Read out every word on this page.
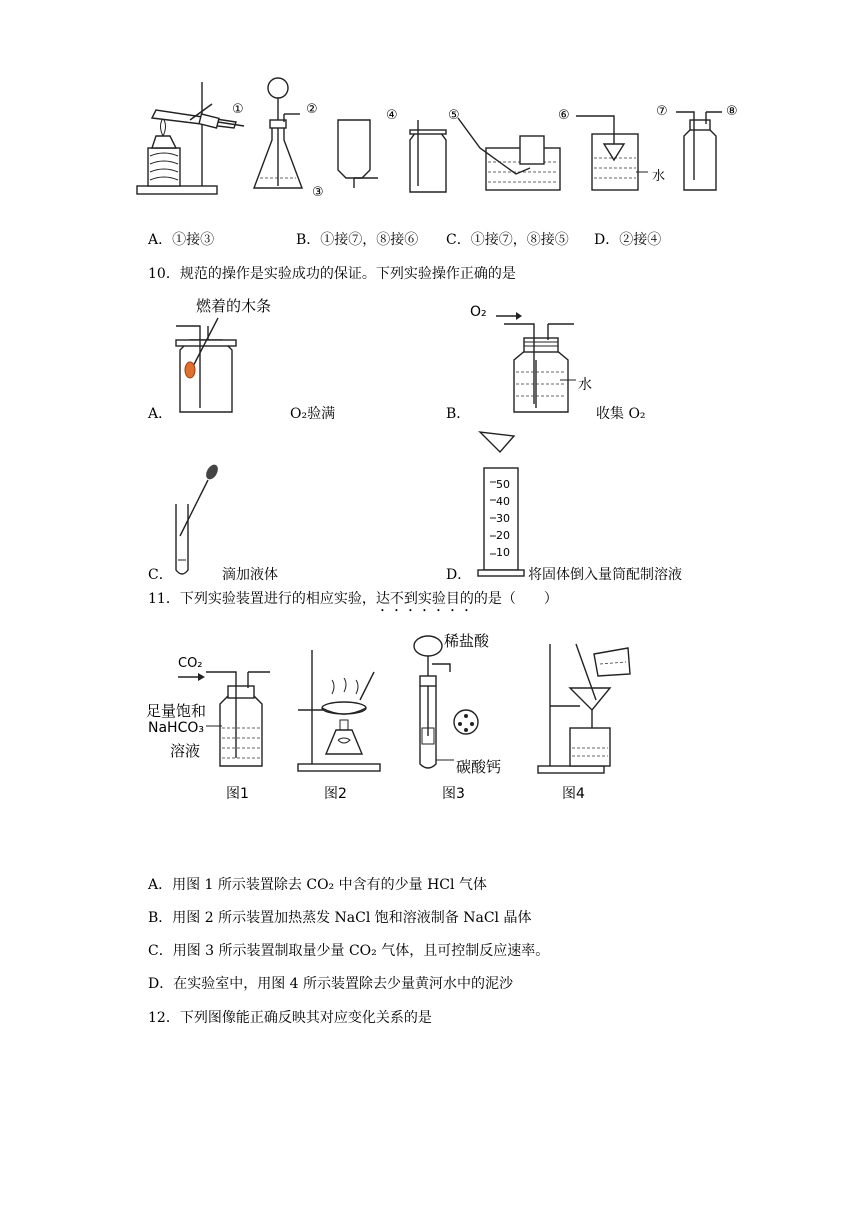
①	②
③
④	⑤	⑥	⑦	⑧
水
A．①接③	B．①接⑦，⑧接⑥ C．①接⑦，⑧接⑤ D．②接④
10．规范的操作是实验成功的保证。下列实验操作正确的是
燃着的木条	O₂
水
50
40
30
20
10
A．	O₂验满	B．	收集 O₂
C．	滴加液体	D．	将固体倒入量筒配制溶液
11．下列实验装置进行的相应实验，达不到实验目的的是（　　）
CO₂
足量饱和
NaHCO₃
溶液
稀盐酸
碳酸钙
图1	图2	图3	图4
A．用图 1 所示装置除去 CO₂ 中含有的少量 HCl 气体
B．用图 2 所示装置加热蒸发 NaCl 饱和溶液制备 NaCl 晶体
C．用图 3 所示装置制取量少量 CO₂ 气体，且可控制反应速率。
D．在实验室中，用图 4 所示装置除去少量黄河水中的泥沙
12．下列图像能正确反映其对应变化关系的是
